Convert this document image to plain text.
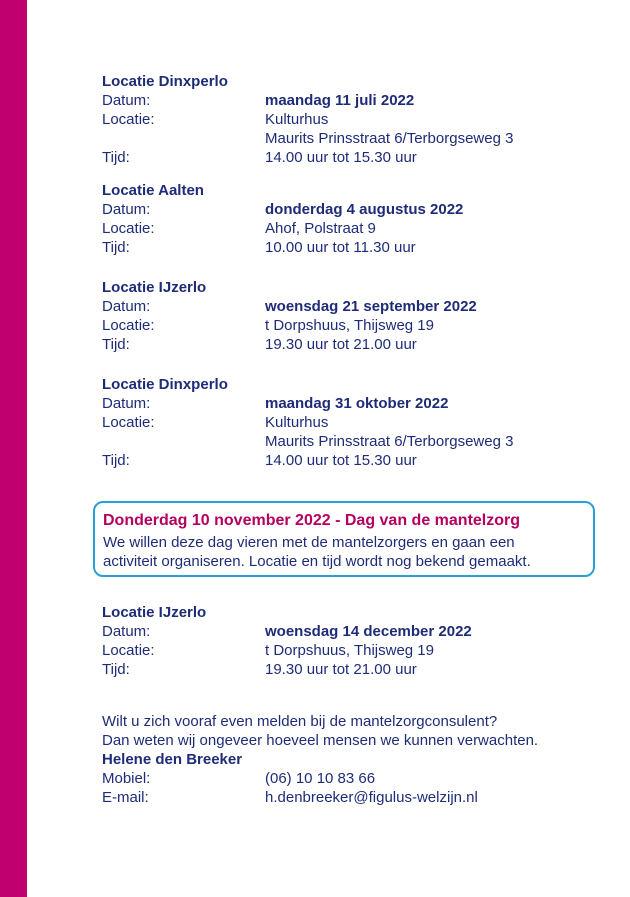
Locatie Dinxperlo
Datum:	maandag 11 juli 2022
Locatie:	Kulturhus
Maurits Prinsstraat 6/Terborgseweg 3
Tijd:	14.00 uur tot 15.30 uur
Locatie Aalten
Datum:	donderdag 4 augustus 2022
Locatie:	Ahof, Polstraat 9
Tijd:	10.00 uur tot 11.30 uur
Locatie IJzerlo
Datum:	woensdag 21 september 2022
Locatie:	t Dorpshuus, Thijsweg 19
Tijd:	19.30 uur tot 21.00 uur
Locatie Dinxperlo
Datum:	maandag 31 oktober 2022
Locatie:	Kulturhus
Maurits Prinsstraat 6/Terborgseweg 3
Tijd:	14.00 uur tot 15.30 uur
Donderdag 10 november 2022 - Dag van de mantelzorg
We willen deze dag vieren met de mantelzorgers en gaan een
activiteit organiseren. Locatie en tijd wordt nog bekend gemaakt.
Locatie IJzerlo
Datum:	woensdag 14 december 2022
Locatie:	t Dorpshuus, Thijsweg 19
Tijd:	19.30 uur tot 21.00 uur
Wilt u zich vooraf even melden bij de mantelzorgconsulent?
Dan weten wij ongeveer hoeveel mensen we kunnen verwachten.
Helene den Breeker
Mobiel:	(06) 10 10 83 66
E-mail:	h.denbreeker@figulus-welzijn.nl
